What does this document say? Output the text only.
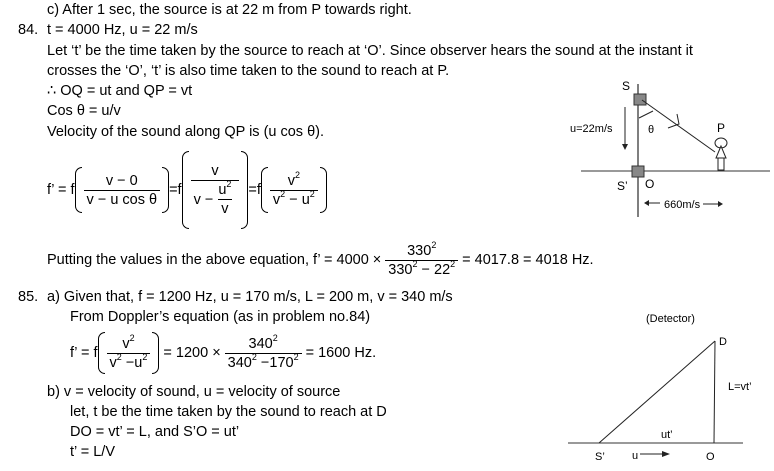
c) After 1 sec, the source is at 22 m from P towards right.
84. t = 4000 Hz, u = 22 m/s
Let ‘t’ be the time taken by the source to reach at ‘O’. Since observer hears the sound at the instant it
crosses the ‘O’, ‘t’ is also time taken to the sound to reach at P.
∴ OQ = ut and QP = vt
Cos θ = u/v
Velocity of the sound along QP is (u cos θ).
f’ =
f $\frac{v - 0}{\text{v − u cos θ}} = f \frac{v}{v - \frac{u^2}{v}} = f \frac{v^2}{v^2 - u^2}$
Putting the values in the above equation, f’ = $4000 \times \frac{330^2}{330^2 - 22^2} = 4017.8 = 4018$ Hz.
85. a) Given that, f = 1200 Hz, u = 170 m/s, L = 200 m, v = 340 m/s
From Doppler’s equation (as in problem no.84)
f’ =
f $\frac{v^2}{v^2 -u^2}$
= $1200 \times \frac{340^2}{340^2 -170^2} = 1600$ Hz.
b) v = velocity of sound, u = velocity of source
let, t be the time taken by the sound to reach at D
DO = vt’ = L, and S’O = ut’
t’ = L/V
S
u=22m/s	θ	P
S’ O
660m/s
(Detector)
D
L=vt’
ut’
S’ u	O
